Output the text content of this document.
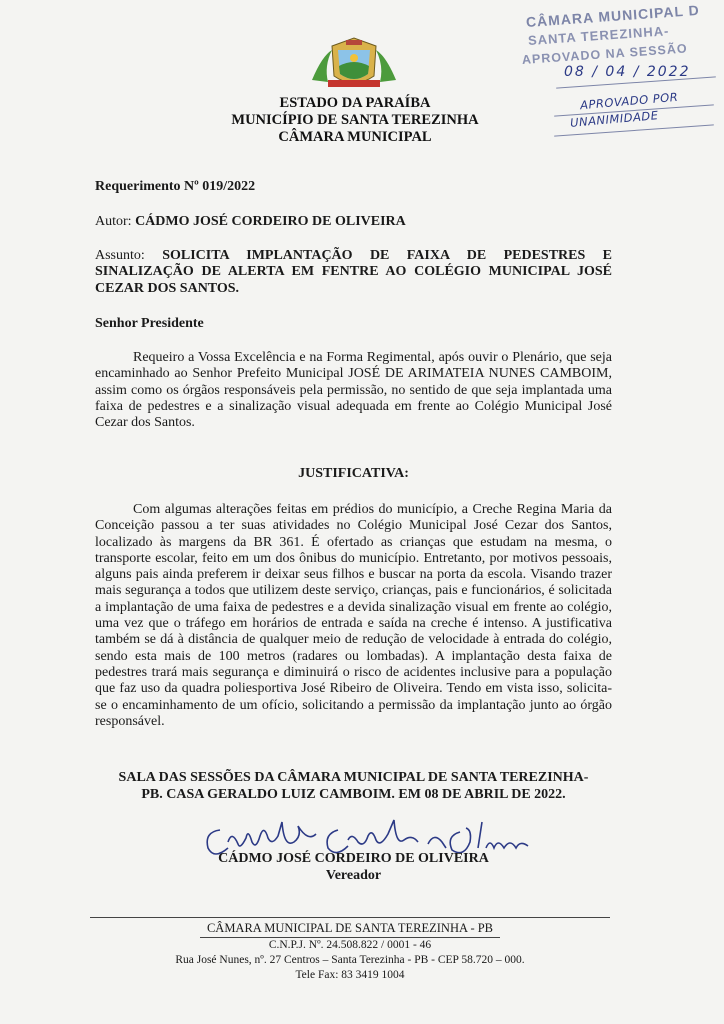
ESTADO DA PARAÍBA
MUNICÍPIO DE SANTA TEREZINHA
CÂMARA MUNICIPAL
CÂMARA MUNICIPAL D
SANTA TEREZINHA-
APROVADO NA SESSÃO
08 / 04 / 2022
APROVADO POR
UNANIMIDADE
Requerimento Nº 019/2022
Autor: CÁDMO JOSÉ CORDEIRO DE OLIVEIRA
Assunto: SOLICITA IMPLANTAÇÃO DE FAIXA DE PEDESTRES E SINALIZAÇÃO DE ALERTA EM FENTRE AO COLÉGIO MUNICIPAL JOSÉ CEZAR DOS SANTOS.
Senhor Presidente
Requeiro a Vossa Excelência e na Forma Regimental, após ouvir o Plenário, que seja encaminhado ao Senhor Prefeito Municipal JOSÉ DE ARIMATEIA NUNES CAMBOIM, assim como os órgãos responsáveis pela permissão, no sentido de que seja implantada uma faixa de pedestres e a sinalização visual adequada em frente ao Colégio Municipal José Cezar dos Santos.
JUSTIFICATIVA:
Com algumas alterações feitas em prédios do município, a Creche Regina Maria da Conceição passou a ter suas atividades no Colégio Municipal José Cezar dos Santos, localizado às margens da BR 361. É ofertado as crianças que estudam na mesma, o transporte escolar, feito em um dos ônibus do município. Entretanto, por motivos pessoais, alguns pais ainda preferem ir deixar seus filhos e buscar na porta da escola. Visando trazer mais segurança a todos que utilizem deste serviço, crianças, pais e funcionários, é solicitada a implantação de uma faixa de pedestres e a devida sinalização visual em frente ao colégio, uma vez que o tráfego em horários de entrada e saída na creche é intenso. A justificativa também se dá à distância de qualquer meio de redução de velocidade à entrada do colégio, sendo esta mais de 100 metros (radares ou lombadas). A implantação desta faixa de pedestres trará mais segurança e diminuirá o risco de acidentes inclusive para a população que faz uso da quadra poliesportiva José Ribeiro de Oliveira. Tendo em vista isso, solicita-se o encaminhamento de um ofício, solicitando a permissão da implantação junto ao órgão responsável.
SALA DAS SESSÕES DA CÂMARA MUNICIPAL DE SANTA TEREZINHA-
PB. CASA GERALDO LUIZ CAMBOIM. EM 08 DE ABRIL DE 2022.
CÁDMO JOSÉ CORDEIRO DE OLIVEIRA
Vereador
CÂMARA MUNICIPAL DE SANTA TEREZINHA - PB
C.N.P.J. Nº. 24.508.822 / 0001 - 46
Rua José Nunes, nº. 27 Centros – Santa Terezinha - PB - CEP 58.720 – 000.
Tele Fax: 83 3419 1004
